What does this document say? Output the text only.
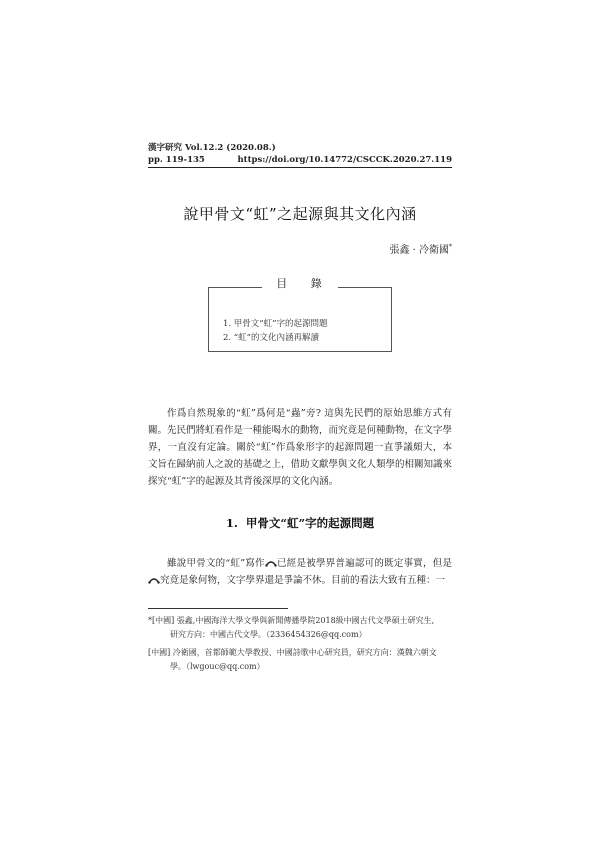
漢字研究 Vol.12.2 (2020.08.)
pp. 119-135	https://doi.org/10.14772/CSCCK.2020.27.119
說甲骨文“虹”之起源與其文化內涵
張鑫 · 冷衛國*
目 錄
1. 甲骨文“虹”字的起源問題
2. “虹”的文化內涵再解讀
作爲自然現象的“虹”爲何是“蟲”旁? 這與先民們的原始思維方式有關。先民們將虹看作是一種能喝水的動物，而究竟是何種動物，在文字學界，一直沒有定論。關於“虹”作爲象形字的起源問題一直爭議頗大，本文旨在歸納前人之說的基礎之上，借助文獻學與文化人類學的相關知識來探究“虹”字的起源及其背後深厚的文化內涵。
1. 甲骨文“虹”字的起源問題
雖說甲骨文的“虹”寫作 已經是被學界普遍認可的既定事實，但是
究竟是象何物，文字學界還是爭論不休。目前的看法大致有五種：一
*[中國] 張鑫,中國海洋大學文學與新聞傳播學院2018級中國古代文學碩士研究生,
研究方向：中國古代文學。（2336454326@qq.com）
[中國] 冷衛國，首都師範大學教授、中國詩歌中心研究員，研究方向：漢魏六朝文
學。（lwgouc@qq.com）
